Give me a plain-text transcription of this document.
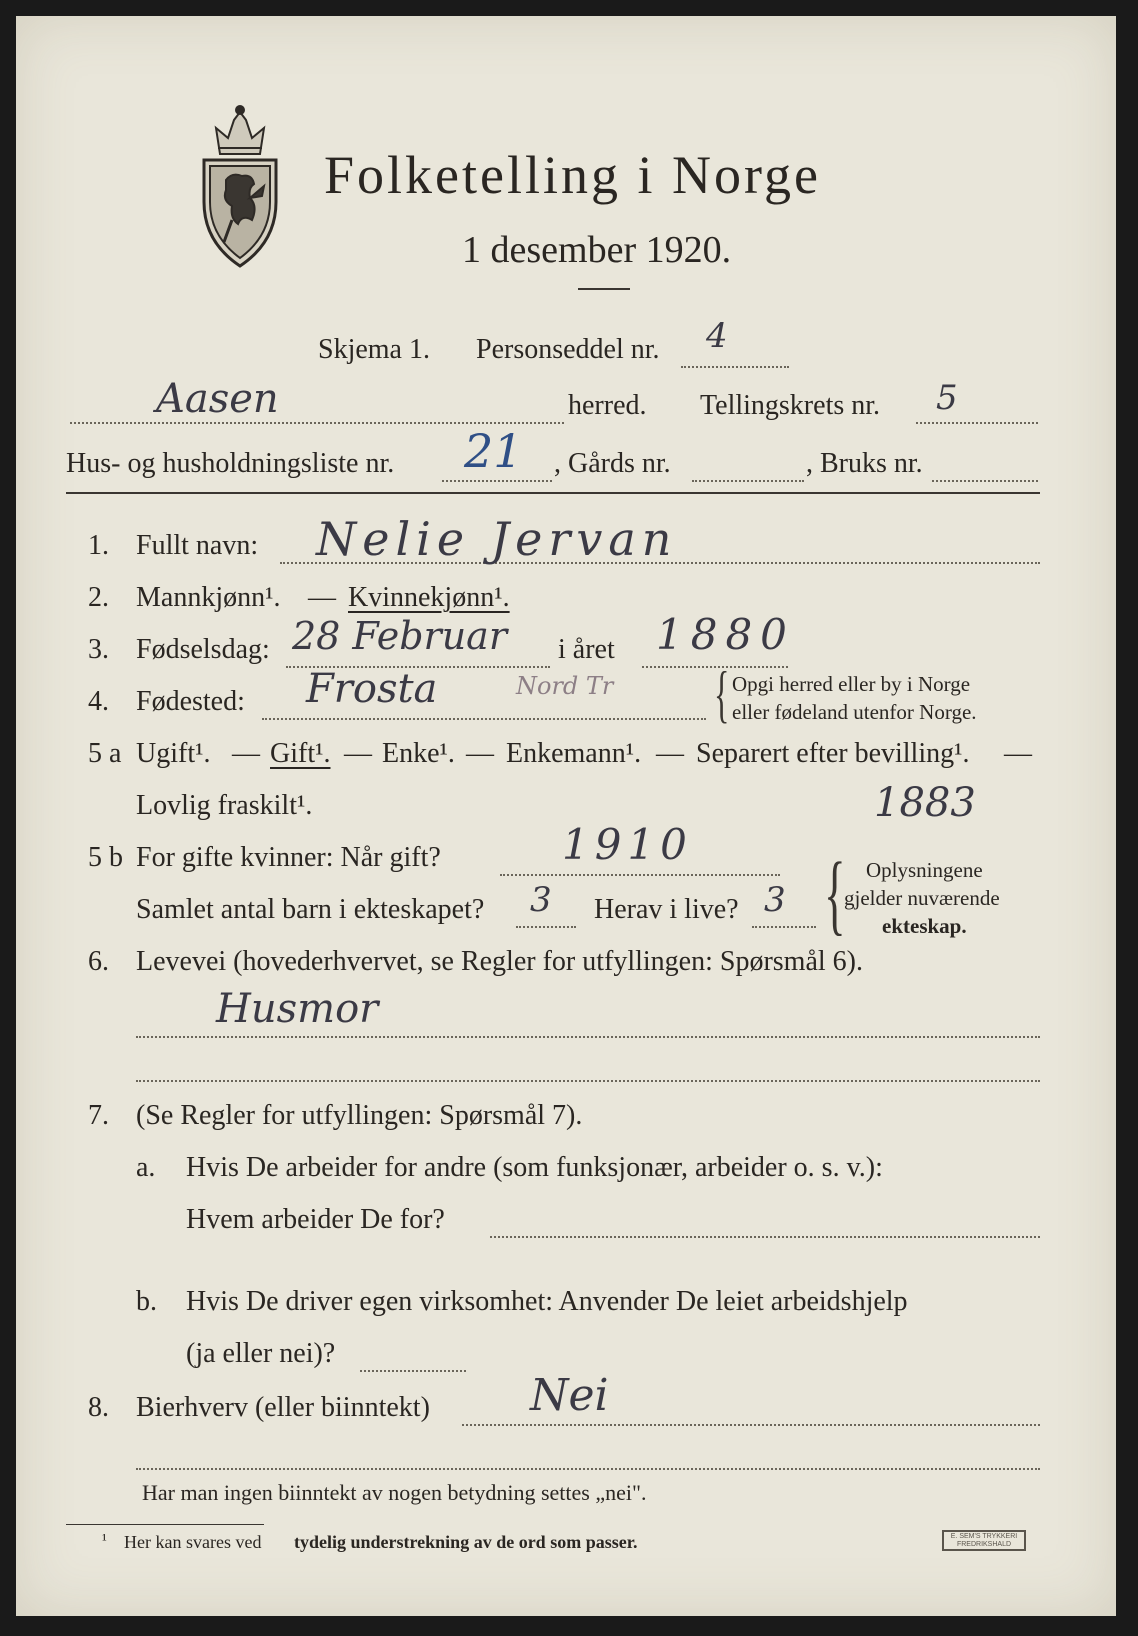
Folketelling i Norge
1 desember 1920.
Skjema 1. Personseddel nr. 4
Aasen	herred. Tellingskrets nr. 5
Hus- og husholdningsliste nr. 21 , Gårds nr.	, Bruks nr.
1. Fullt navn: Nelie Jervan
2. Mannkjønn¹. — Kvinnekjønn¹.
3. Fødselsdag: 28 Februar i året 1880
4. Fødested: Frosta	Nord Tr { Opgi herred eller by i Norge
eller fødeland utenfor Norge.
5 a Ugift¹. — Gift¹. — Enke¹. — Enkemann¹. — Separert efter bevilling¹. —
Lovlig fraskilt¹.	1883
5 b For gifte kvinner: Når gift?	1910
Samlet antal barn i ekteskapet? 3 Herav i live? 3 { Oplysningene
gjelder nuværende
ekteskap.
6. Levevei (hovederhvervet, se Regler for utfyllingen: Spørsmål 6).
Husmor
7. (Se Regler for utfyllingen: Spørsmål 7).
a. Hvis De arbeider for andre (som funksjonær, arbeider o. s. v.):
Hvem arbeider De for?
b. Hvis De driver egen virksomhet: Anvender De leiet arbeidshjelp
(ja eller nei)?
8. Bierhverv (eller biinntekt) Nei
Har man ingen biinntekt av nogen betydning settes „nei".
¹ Her kan svares ved tydelig understrekning av de ord som passer.	E. SEM'S TRYKKERI
FREDRIKSHALD
